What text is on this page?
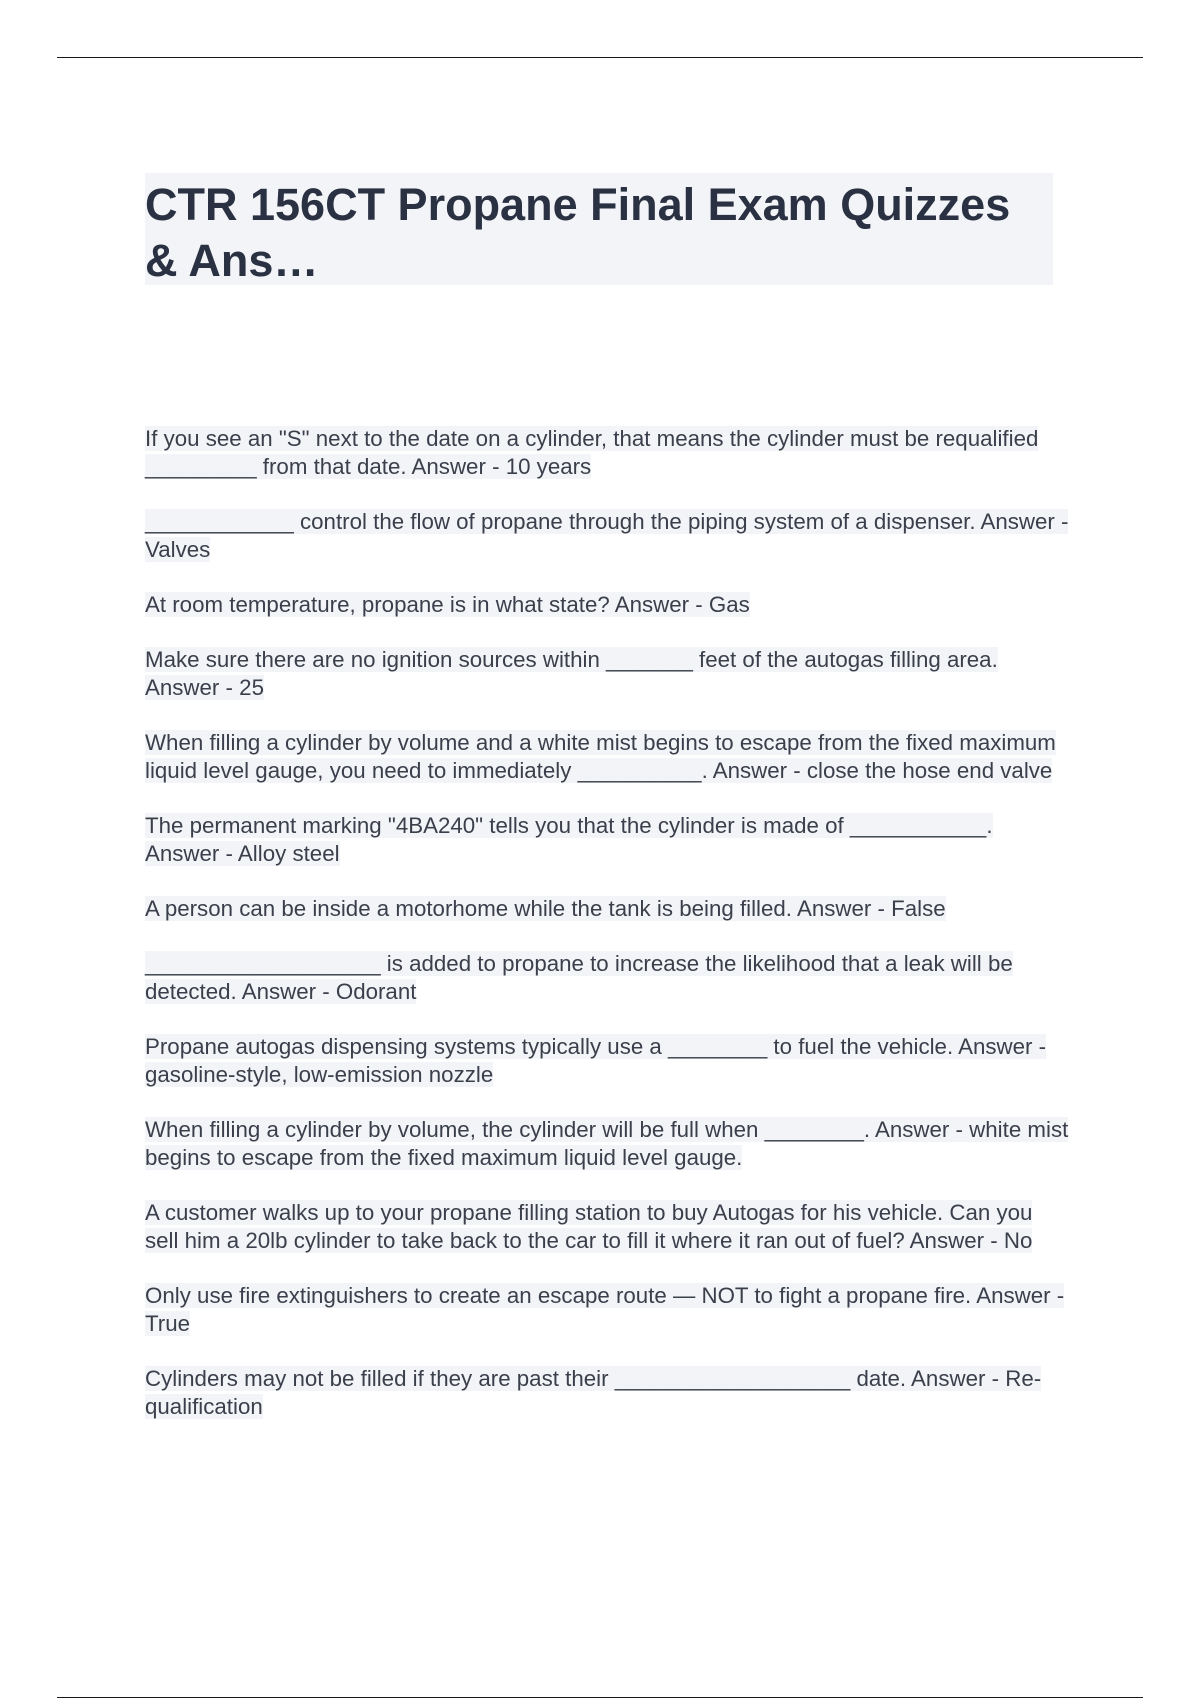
CTR 156CT Propane Final Exam Quizzes & Ans…

If you see an "S" next to the date on a cylinder, that means the cylinder must be requalified _________ from that date. Answer - 10 years

____________ control the flow of propane through the piping system of a dispenser. Answer - Valves

At room temperature, propane is in what state? Answer - Gas

Make sure there are no ignition sources within _______ feet of the autogas filling area. Answer - 25

When filling a cylinder by volume and a white mist begins to escape from the fixed maximum liquid level gauge, you need to immediately __________. Answer - close the hose end valve

The permanent marking "4BA240" tells you that the cylinder is made of ___________. Answer - Alloy steel

A person can be inside a motorhome while the tank is being filled. Answer - False

___________________ is added to propane to increase the likelihood that a leak will be detected. Answer - Odorant

Propane autogas dispensing systems typically use a ________ to fuel the vehicle. Answer - gasoline-style, low-emission nozzle

When filling a cylinder by volume, the cylinder will be full when ________. Answer - white mist begins to escape from the fixed maximum liquid level gauge.

A customer walks up to your propane filling station to buy Autogas for his vehicle. Can you sell him a 20lb cylinder to take back to the car to fill it where it ran out of fuel? Answer - No

Only use fire extinguishers to create an escape route — NOT to fight a propane fire. Answer - True

Cylinders may not be filled if they are past their ___________________ date. Answer - Re-qualification
